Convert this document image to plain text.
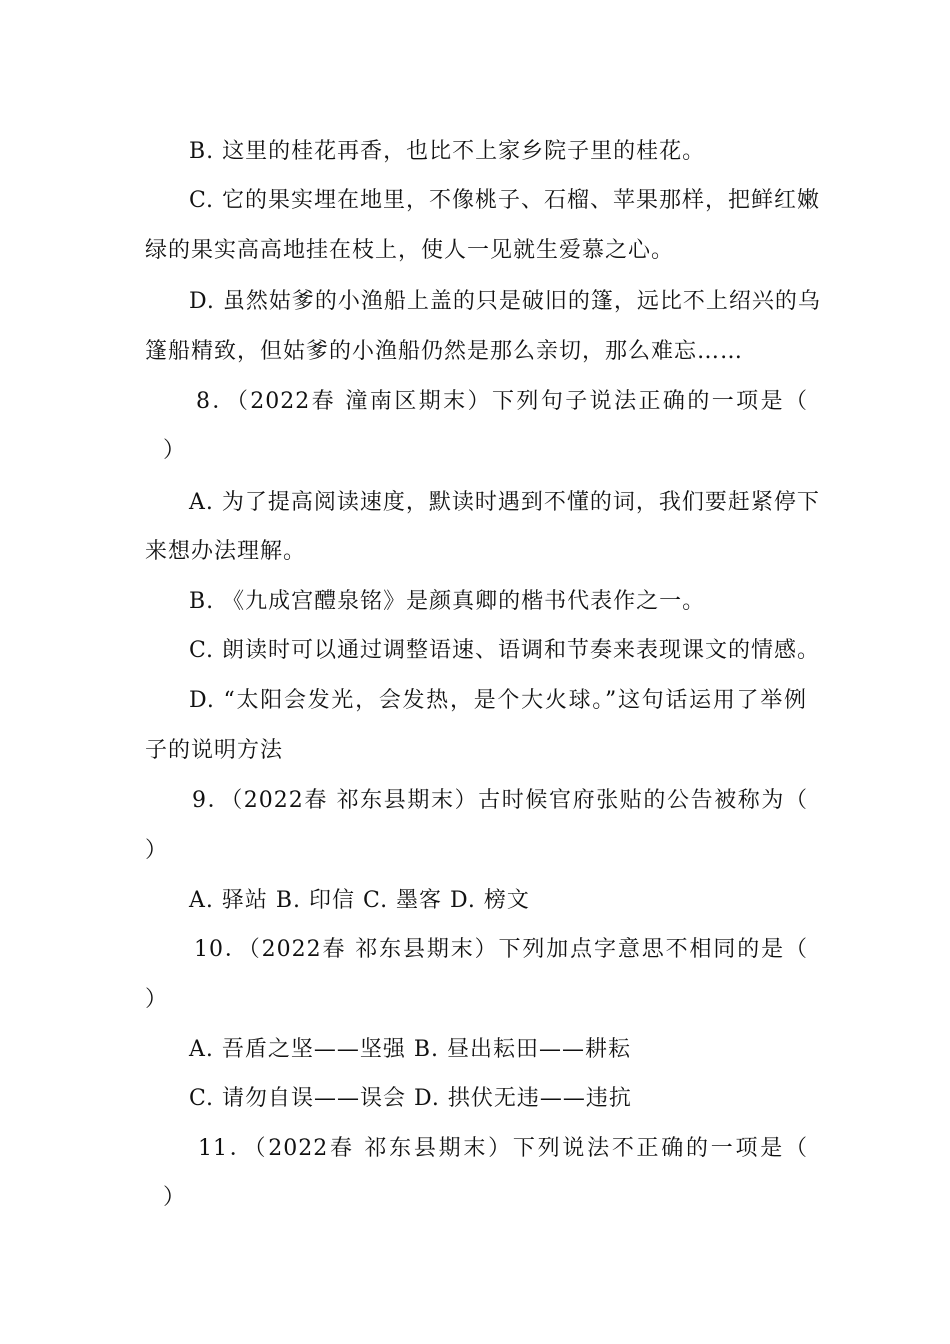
B. 这里的桂花再香，也比不上家乡院子里的桂花。
C. 它的果实埋在地里，不像桃子、石榴、苹果那样，把鲜红嫩
绿的果实高高地挂在枝上，使人一见就生爱慕之心。
D. 虽然姑爹的小渔船上盖的只是破旧的篷，远比不上绍兴的乌
篷船精致，但姑爹的小渔船仍然是那么亲切，那么难忘……
8．（2022春 潼南区期末）下列句子说法正确的一项是（
）
A. 为了提高阅读速度，默读时遇到不懂的词，我们要赶紧停下
来想办法理解。
B. 《九成宫醴泉铭》是颜真卿的楷书代表作之一。
C. 朗读时可以通过调整语速、语调和节奏来表现课文的情感。
D. “太阳会发光，会发热，是个大火球。”这句话运用了举例
子的说明方法
9．（2022春 祁东县期末）古时候官府张贴的公告被称为（
）
A. 驿站 B. 印信 C. 墨客 D. 榜文
10．（2022春 祁东县期末）下列加点字意思不相同的是（
）
A. 吾盾之坚——坚强 B. 昼出耘田——耕耘
C. 请勿自误——误会 D. 拱伏无违——违抗
11．（2022春 祁东县期末）下列说法不正确的一项是（
）
